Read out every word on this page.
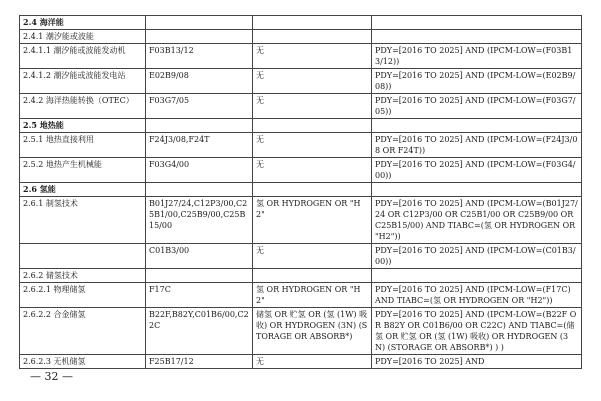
2.4 海洋能			
2.4.1 潮汐能或波能			
2.4.1.1 潮汐能或波能发动机	F03B13/12	无	PDY=[2016 TO 2025] AND (IPCM-LOW=(F03B13/12))
2.4.1.2 潮汐能或波能发电站	E02B9/08	无	PDY=[2016 TO 2025] AND (IPCM-LOW=(E02B9/08))
2.4.2 海洋热能转换（OTEC）	F03G7/05	无	PDY=[2016 TO 2025] AND (IPCM-LOW=(F03G7/05))
2.5 地热能			
2.5.1 地热直接利用	F24J3/08,F24T	无	PDY=[2016 TO 2025] AND (IPCM-LOW=(F24J3/08 OR F24T))
2.5.2 地热产生机械能	F03G4/00	无	PDY=[2016 TO 2025] AND (IPCM-LOW=(F03G4/00))
2.6 氢能			
2.6.1 制氢技术	B01J27/24,C12P3/00,C25B1/00,C25B9/00,C25B15/00	氢 OR HYDROGEN OR "H2"	PDY=[2016 TO 2025] AND (IPCM-LOW=(B01J27/24 OR C12P3/00 OR C25B1/00 OR C25B9/00 OR C25B15/00) AND TIABC=(氢 OR HYDROGEN OR "H2"))
	C01B3/00	无	PDY=[2016 TO 2025] AND (IPCM-LOW=(C01B3/00))
2.6.2 储氢技术			
2.6.2.1 物理储氢	F17C	氢 OR HYDROGEN OR "H2"	PDY=[2016 TO 2025] AND (IPCM-LOW=(F17C) AND TIABC=(氢 OR HYDROGEN OR "H2"))
2.6.2.2 合金储氢	B22F,B82Y,C01B6/00,C22C	储氢 OR 贮氢 OR (氢 (1W) 吸收) OR HYDROGEN (3N) (STORAGE OR ABSORB*)	PDY=[2016 TO 2025] AND (IPCM-LOW=(B22F OR B82Y OR C01B6/00 OR C22C) AND TIABC=(储氢 OR 贮氢 OR (氢 (1W) 吸收) OR HYDROGEN (3N) (STORAGE OR ABSORB*) ) )
2.6.2.3 无机储氢	F25B17/12	无	PDY=[2016 TO 2025] AND
— 32 —
